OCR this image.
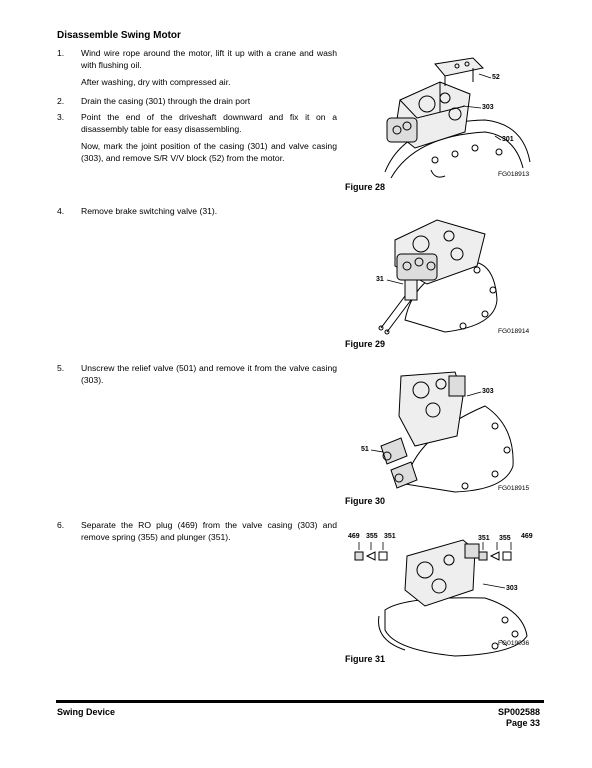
Disassemble Swing Motor
1. Wind wire rope around the motor, lift it up with a crane and wash with flushing oil.
After washing, dry with compressed air.
2. Drain the casing (301) through the drain port
3. Point the end of the driveshaft downward and fix it on a disassembly table for easy disassembling.
Now, mark the joint position of the casing (301) and valve casing (303), and remove S/R V/V block (52) from the motor.
4. Remove brake switching valve (31).
5. Unscrew the relief valve (501) and remove it from the valve casing (303).
6. Separate the RO plug (469) from the valve casing (303) and remove spring (355) and plunger (351).
52
303
301
FG018913
Figure 28
31
FG018914
Figure 29
303
51
FG018915
Figure 30
469 355 351	351 355 469
303
FG019036
Figure 31
Swing Device	SP002588
Page 33
